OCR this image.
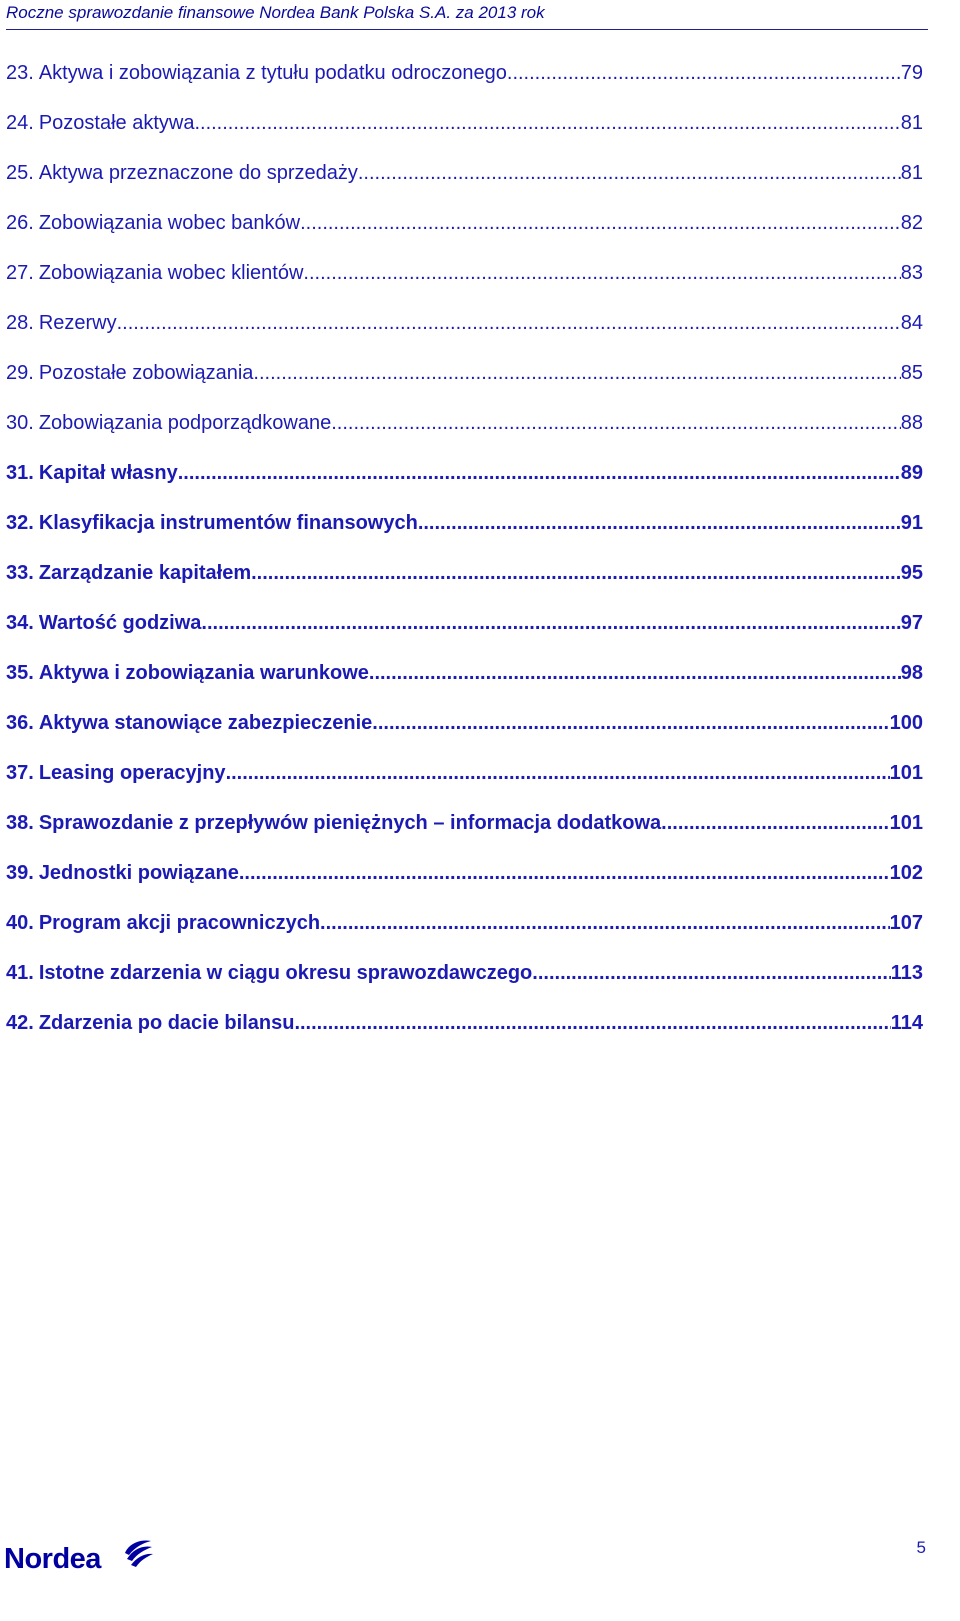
Roczne sprawozdanie finansowe Nordea Bank Polska S.A. za 2013 rok
23. Aktywa i zobowiązania z tytułu podatku odroczonego. .....	79
24. Pozostałe aktywa .....	81
25. Aktywa przeznaczone do sprzedaży .....	81
26. Zobowiązania wobec banków .....	82
27. Zobowiązania wobec klientów .....	83
28. Rezerwy .....	84
29. Pozostałe zobowiązania .....	85
30. Zobowiązania podporządkowane .....	88
31. Kapitał własny .....	89
32. Klasyfikacja instrumentów finansowych .....	91
33. Zarządzanie kapitałem .....	95
34. Wartość godziwa .....	97
35. Aktywa i zobowiązania warunkowe .....	98
36. Aktywa stanowiące zabezpieczenie .....	100
37. Leasing operacyjny .....	101
38. Sprawozdanie z przepływów pieniężnych – informacja dodatkowa .....	101
39. Jednostki powiązane .....	102
40. Program akcji pracowniczych .....	107
41. Istotne zdarzenia w ciągu okresu sprawozdawczego .....	113
42. Zdarzenia po dacie bilansu .....	114
Nordea	5
